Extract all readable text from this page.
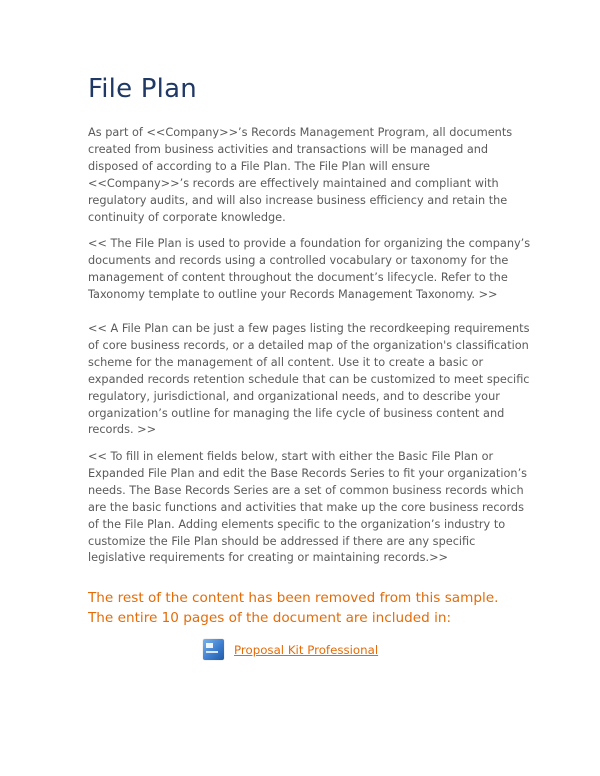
File Plan

As part of <<Company>>’s Records Management Program, all documents created from business activities and transactions will be managed and disposed of according to a File Plan. The File Plan will ensure <<Company>>’s records are effectively maintained and compliant with regulatory audits, and will also increase business efficiency and retain the continuity of corporate knowledge.

<< The File Plan is used to provide a foundation for organizing the company’s documents and records using a controlled vocabulary or taxonomy for the management of content throughout the document’s lifecycle. Refer to the Taxonomy template to outline your Records Management Taxonomy. >>

<< A File Plan can be just a few pages listing the recordkeeping requirements of core business records, or a detailed map of the organization's classification scheme for the management of all content. Use it to create a basic or expanded records retention schedule that can be customized to meet specific regulatory, jurisdictional, and organizational needs, and to describe your organization’s outline for managing the life cycle of business content and records. >>

<< To fill in element fields below, start with either the Basic File Plan or Expanded File Plan and edit the Base Records Series to fit your organization’s needs. The Base Records Series are a set of common business records which are the basic functions and activities that make up the core business records of the File Plan. Adding elements specific to the organization’s industry to customize the File Plan should be addressed if there are any specific legislative requirements for creating or maintaining records.>>

The rest of the content has been removed from this sample. The entire 10 pages of the document are included in:

Proposal Kit Professional
